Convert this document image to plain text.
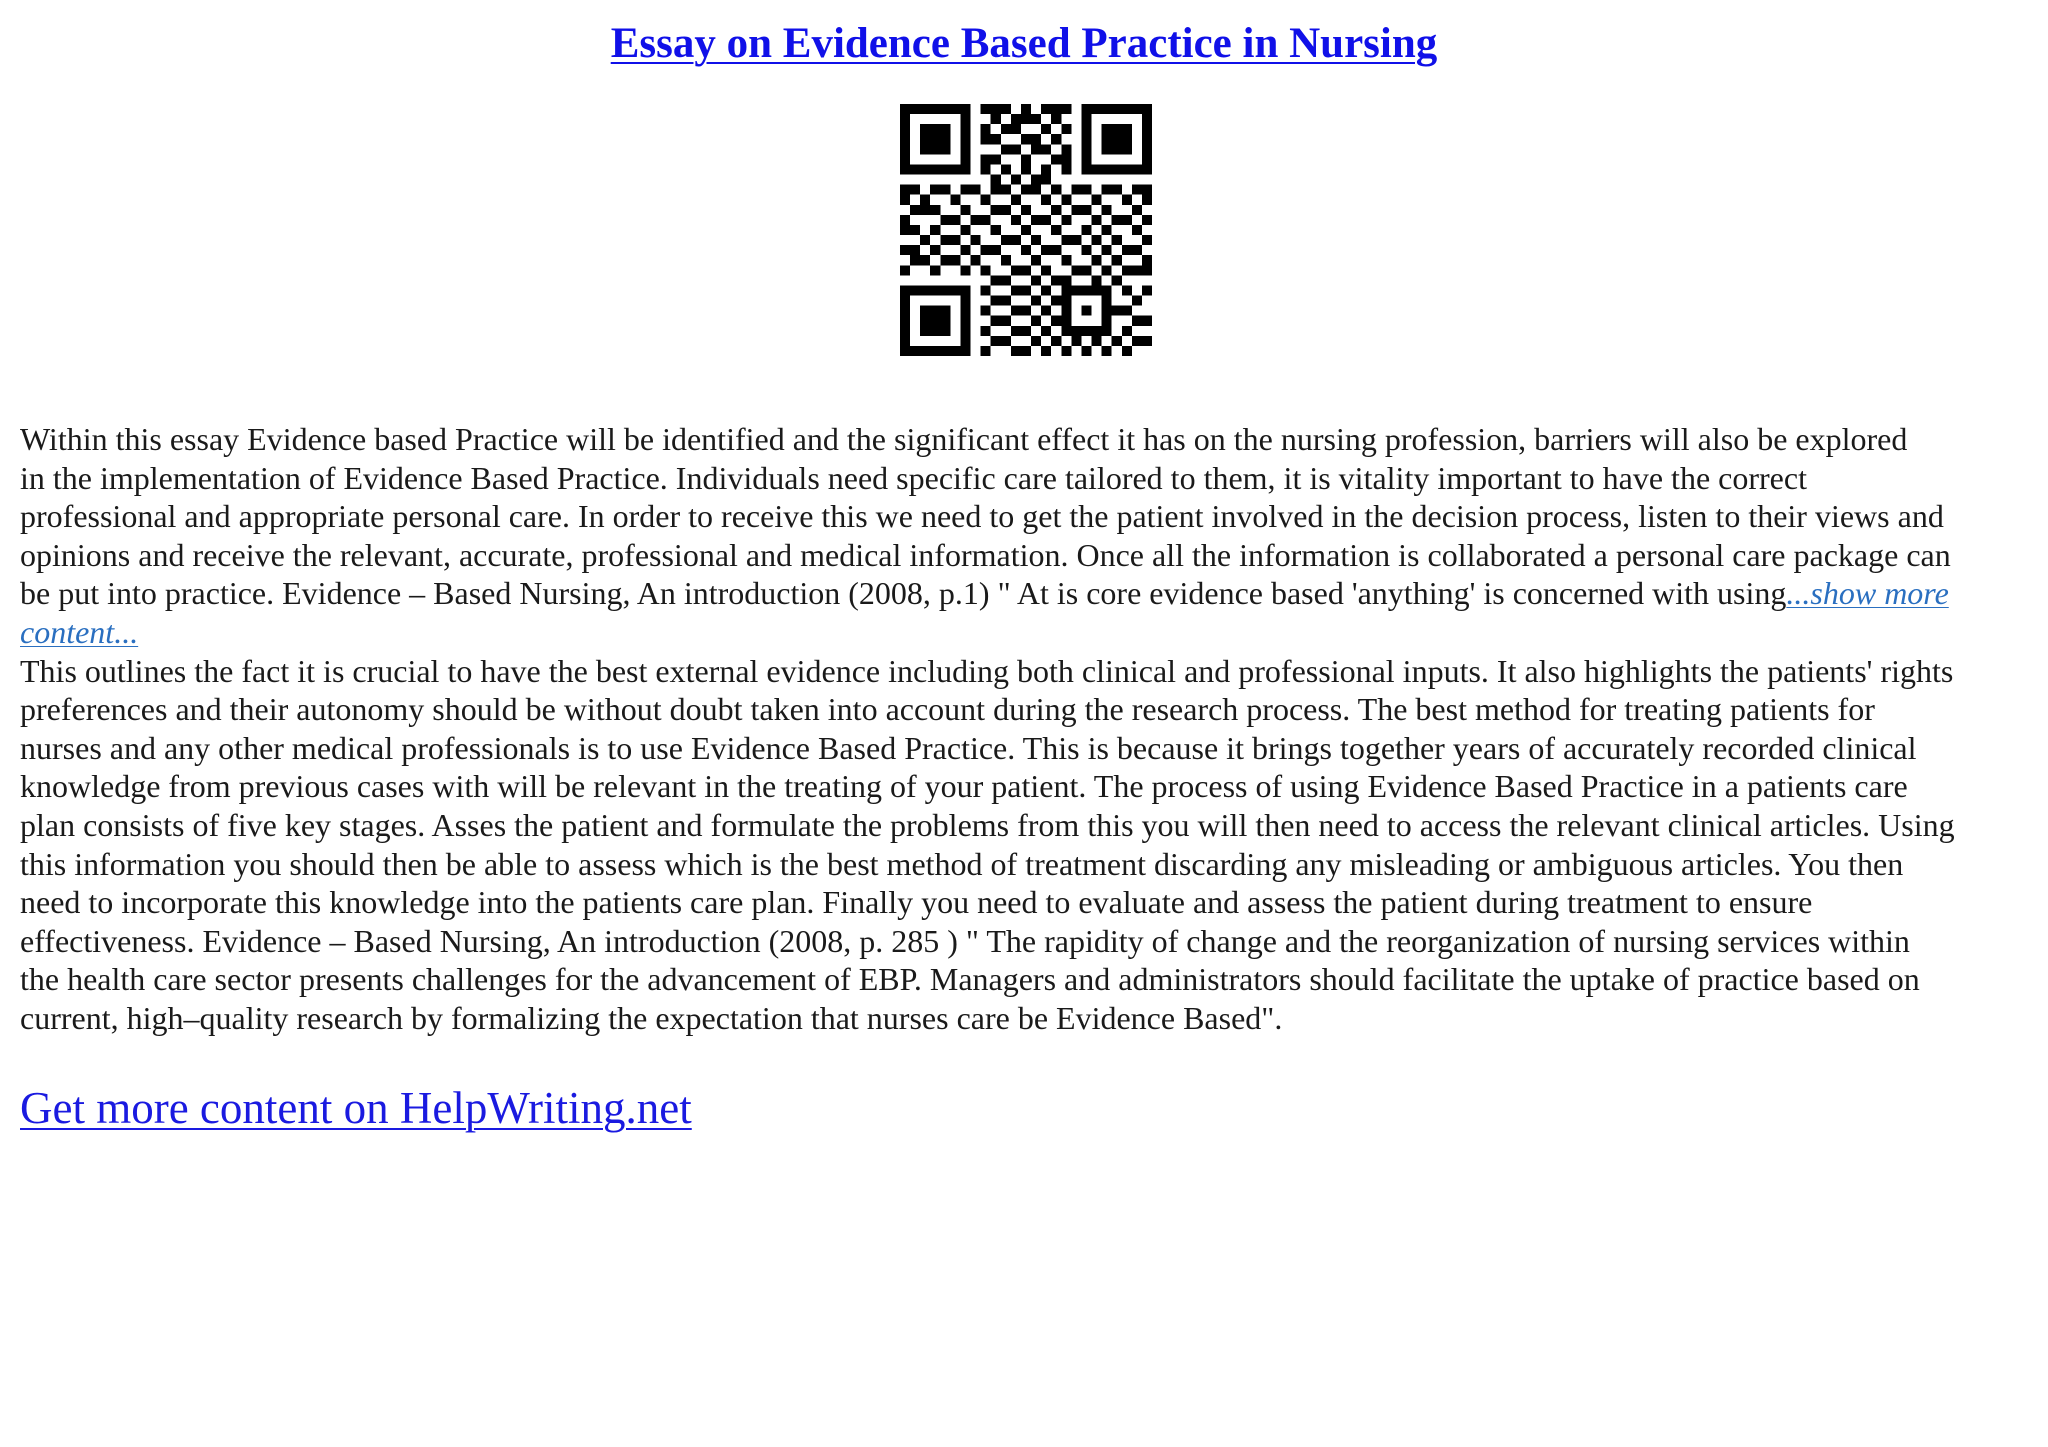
Essay on Evidence Based Practice in Nursing

Within this essay Evidence based Practice will be identified and the significant effect it has on the nursing profession, barriers will also be explored
in the implementation of Evidence Based Practice. Individuals need specific care tailored to them, it is vitality important to have the correct
professional and appropriate personal care. In order to receive this we need to get the patient involved in the decision process, listen to their views and
opinions and receive the relevant, accurate, professional and medical information. Once all the information is collaborated a personal care package can
be put into practice. Evidence – Based Nursing, An introduction (2008, p.1) " At is core evidence based 'anything' is concerned with using...show more
content...

This outlines the fact it is crucial to have the best external evidence including both clinical and professional inputs. It also highlights the patients' rights
preferences and their autonomy should be without doubt taken into account during the research process. The best method for treating patients for
nurses and any other medical professionals is to use Evidence Based Practice. This is because it brings together years of accurately recorded clinical
knowledge from previous cases with will be relevant in the treating of your patient. The process of using Evidence Based Practice in a patients care
plan consists of five key stages. Asses the patient and formulate the problems from this you will then need to access the relevant clinical articles. Using
this information you should then be able to assess which is the best method of treatment discarding any misleading or ambiguous articles. You then
need to incorporate this knowledge into the patients care plan. Finally you need to evaluate and assess the patient during treatment to ensure
effectiveness. Evidence – Based Nursing, An introduction (2008, p. 285 ) " The rapidity of change and the reorganization of nursing services within
the health care sector presents challenges for the advancement of EBP. Managers and administrators should facilitate the uptake of practice based on
current, high–quality research by formalizing the expectation that nurses care be Evidence Based".

Get more content on HelpWriting.net
